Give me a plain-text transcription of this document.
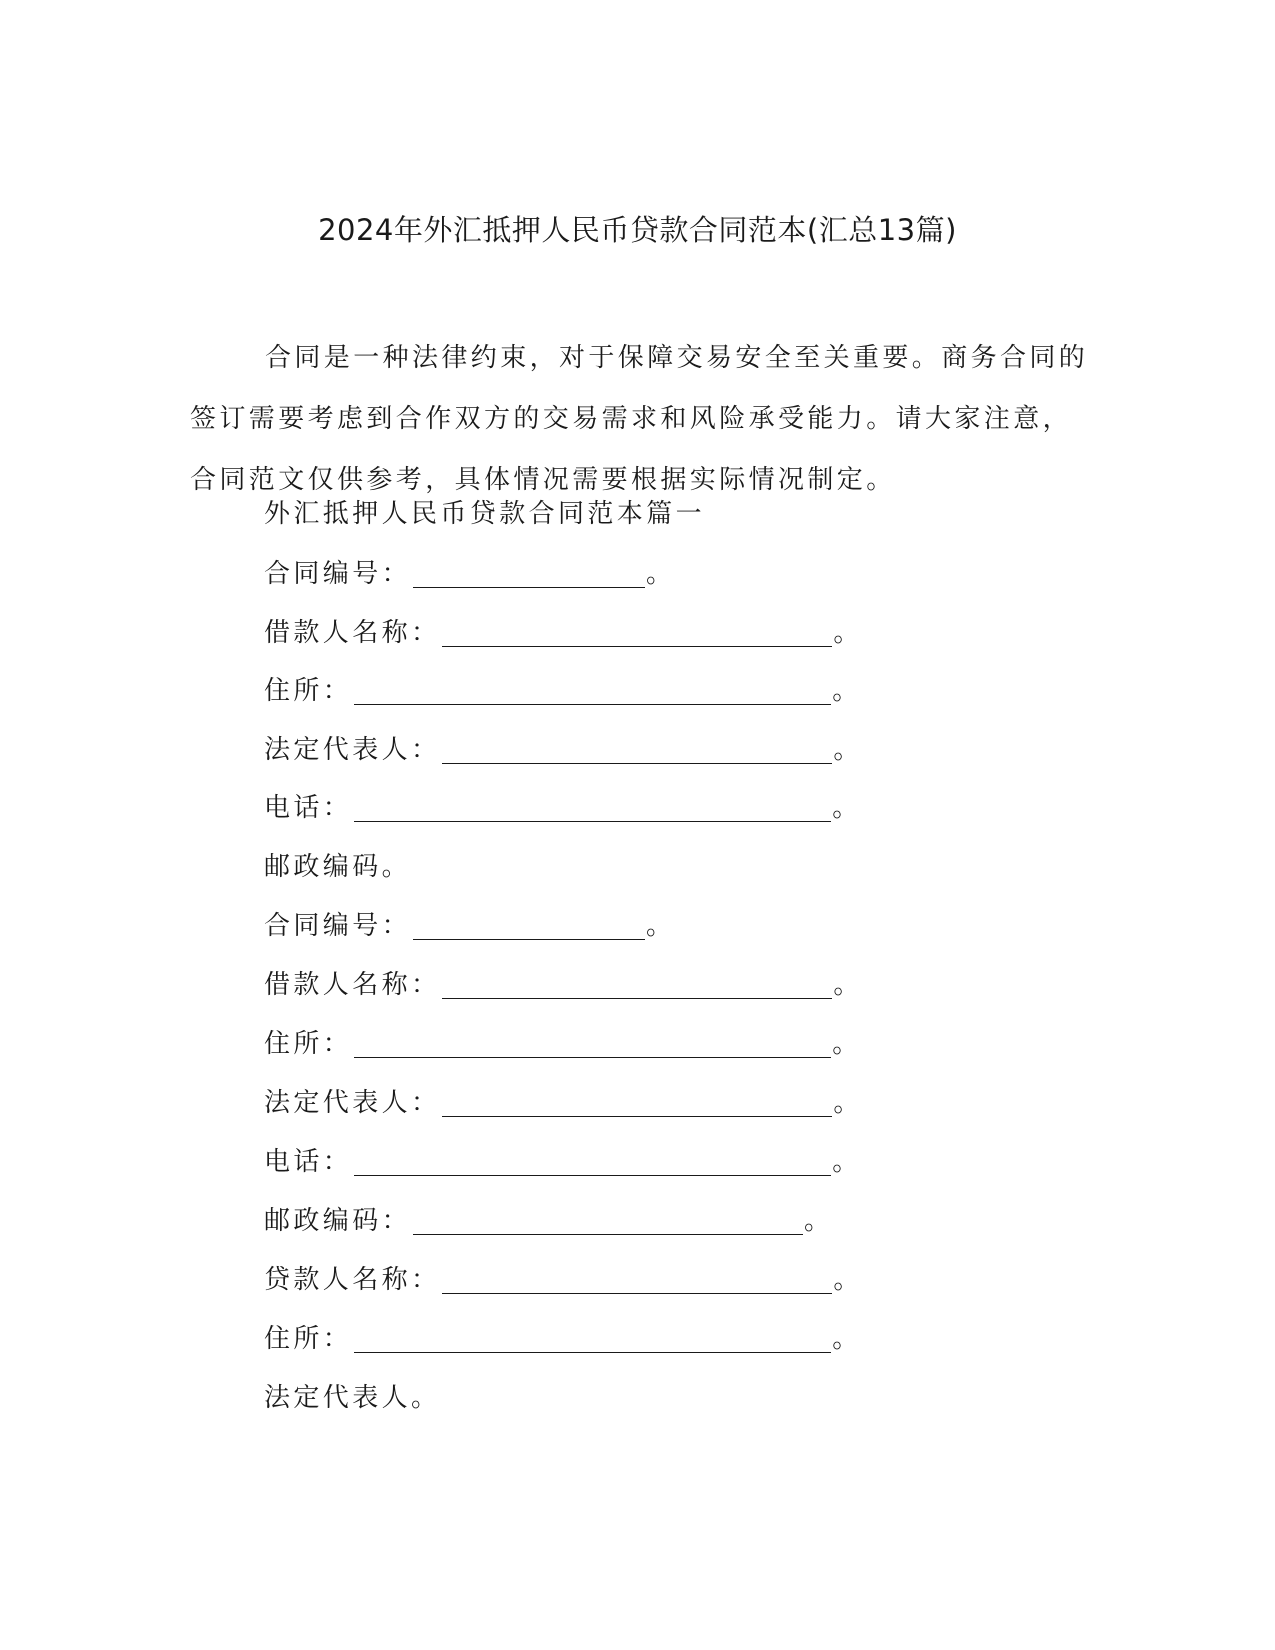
2024年外汇抵押人民币贷款合同范本(汇总13篇)

合同是一种法律约束，对于保障交易安全至关重要。商务合同的签订需要考虑到合作双方的交易需求和风险承受能力。请大家注意，合同范文仅供参考，具体情况需要根据实际情况制定。

外汇抵押人民币贷款合同范本篇一
合同编号：	。
借款人名称：	。
住所：	。
法定代表人：	。
电话：	。
邮政编码 。
合同编号：	。
借款人名称：	。
住所：	。
法定代表人：	。
电话：	。
邮政编码：	。
贷款人名称：	。
住所：	。
法定代表人 。
